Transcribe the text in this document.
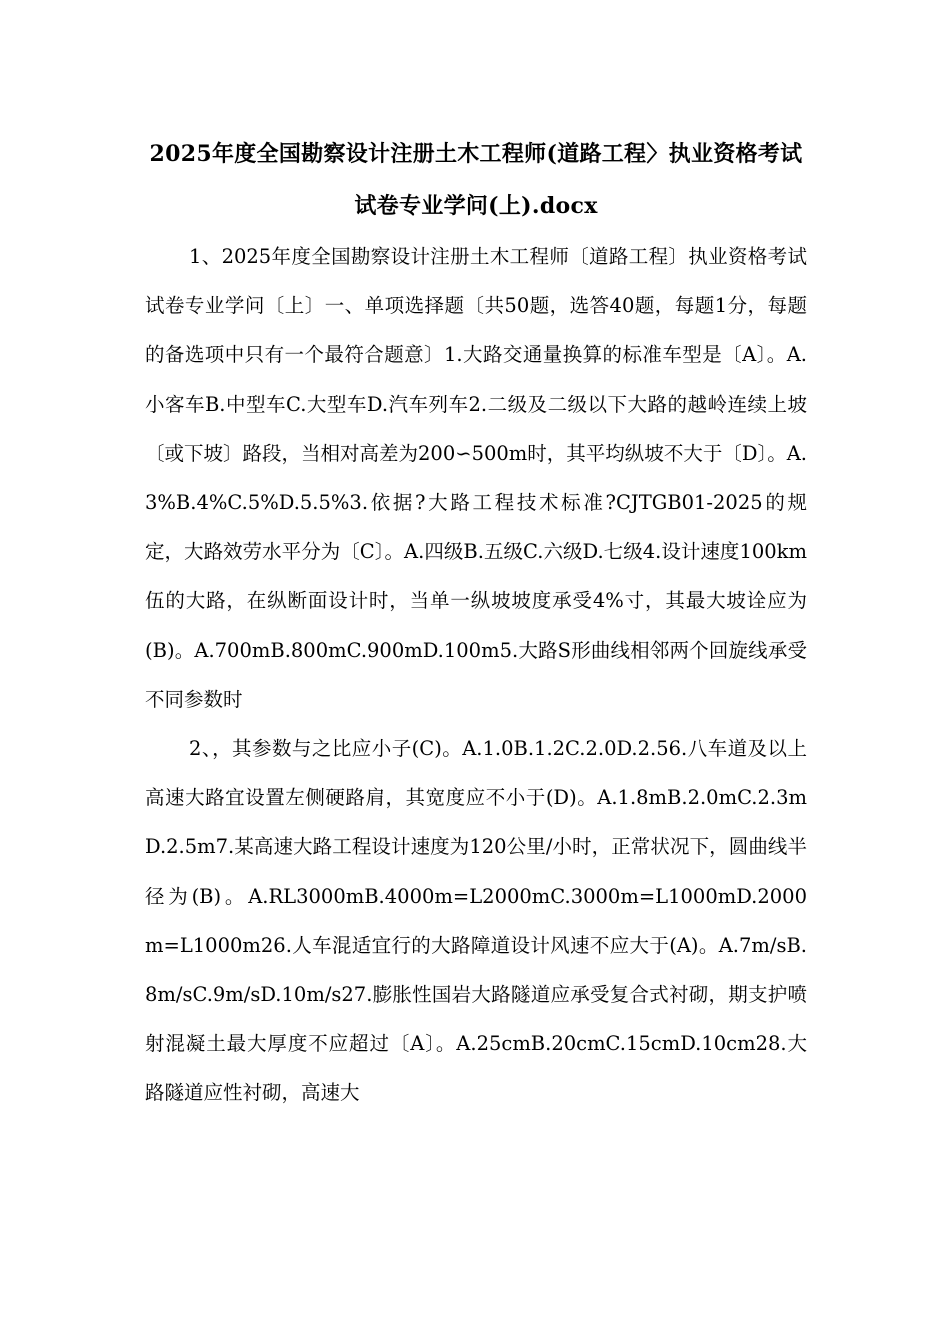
2025年度全国勘察设计注册土木工程师(道路工程〉执业资格考试试卷专业学问(上).docx

1、2025年度全国勘察设计注册土木工程师〔道路工程〕执业资格考试试卷专业学问〔上〕一、单项选择题〔共50题，选答40题，每题1分，每题的备选项中只有一个最符合题意〕1.大路交通量换算的标准车型是〔A〕。A.小客车B.中型车C.大型车D.汽车列车2.二级及二级以下大路的越岭连续上坡〔或下坡〕路段，当相对高差为200∽500m时，其平均纵坡不大于〔D〕。A.3%B.4%C.5%D.5.5%3.依据?大路工程技术标准?CJTGB01-2025的规定，大路效劳水平分为〔C〕。A.四级B.五级C.六级D.七级4.设计速度100km伍的大路，在纵断面设计时，当单一纵坡坡度承受4%寸，其最大坡诠应为(B)。A.700mB.800mC.900mD.100m5.大路S形曲线相邻两个回旋线承受不同参数时

2、，其参数与之比应小子(C)。A.1.0B.1.2C.2.0D.2.56.八车道及以上高速大路宜设置左侧硬路肩，其宽度应不小于(D)。A.1.8mB.2.0mC.2.3mD.2.5m7.某高速大路工程设计速度为120公里/小时，正常状况下，圆曲线半径为(B)。A.RL3000mB.4000m=L2000mC.3000m=L1000mD.2000m=L1000m26.人车混适宜行的大路障道设计风速不应大于(A)。A.7m/sB.8m/sC.9m/sD.10m/s27.膨胀性国岩大路隧道应承受复合式衬砌，期支护喷射混凝土最大厚度不应超过〔A〕。A.25cmB.20cmC.15cmD.10cm28.大路隧道应性衬砌，高速大
